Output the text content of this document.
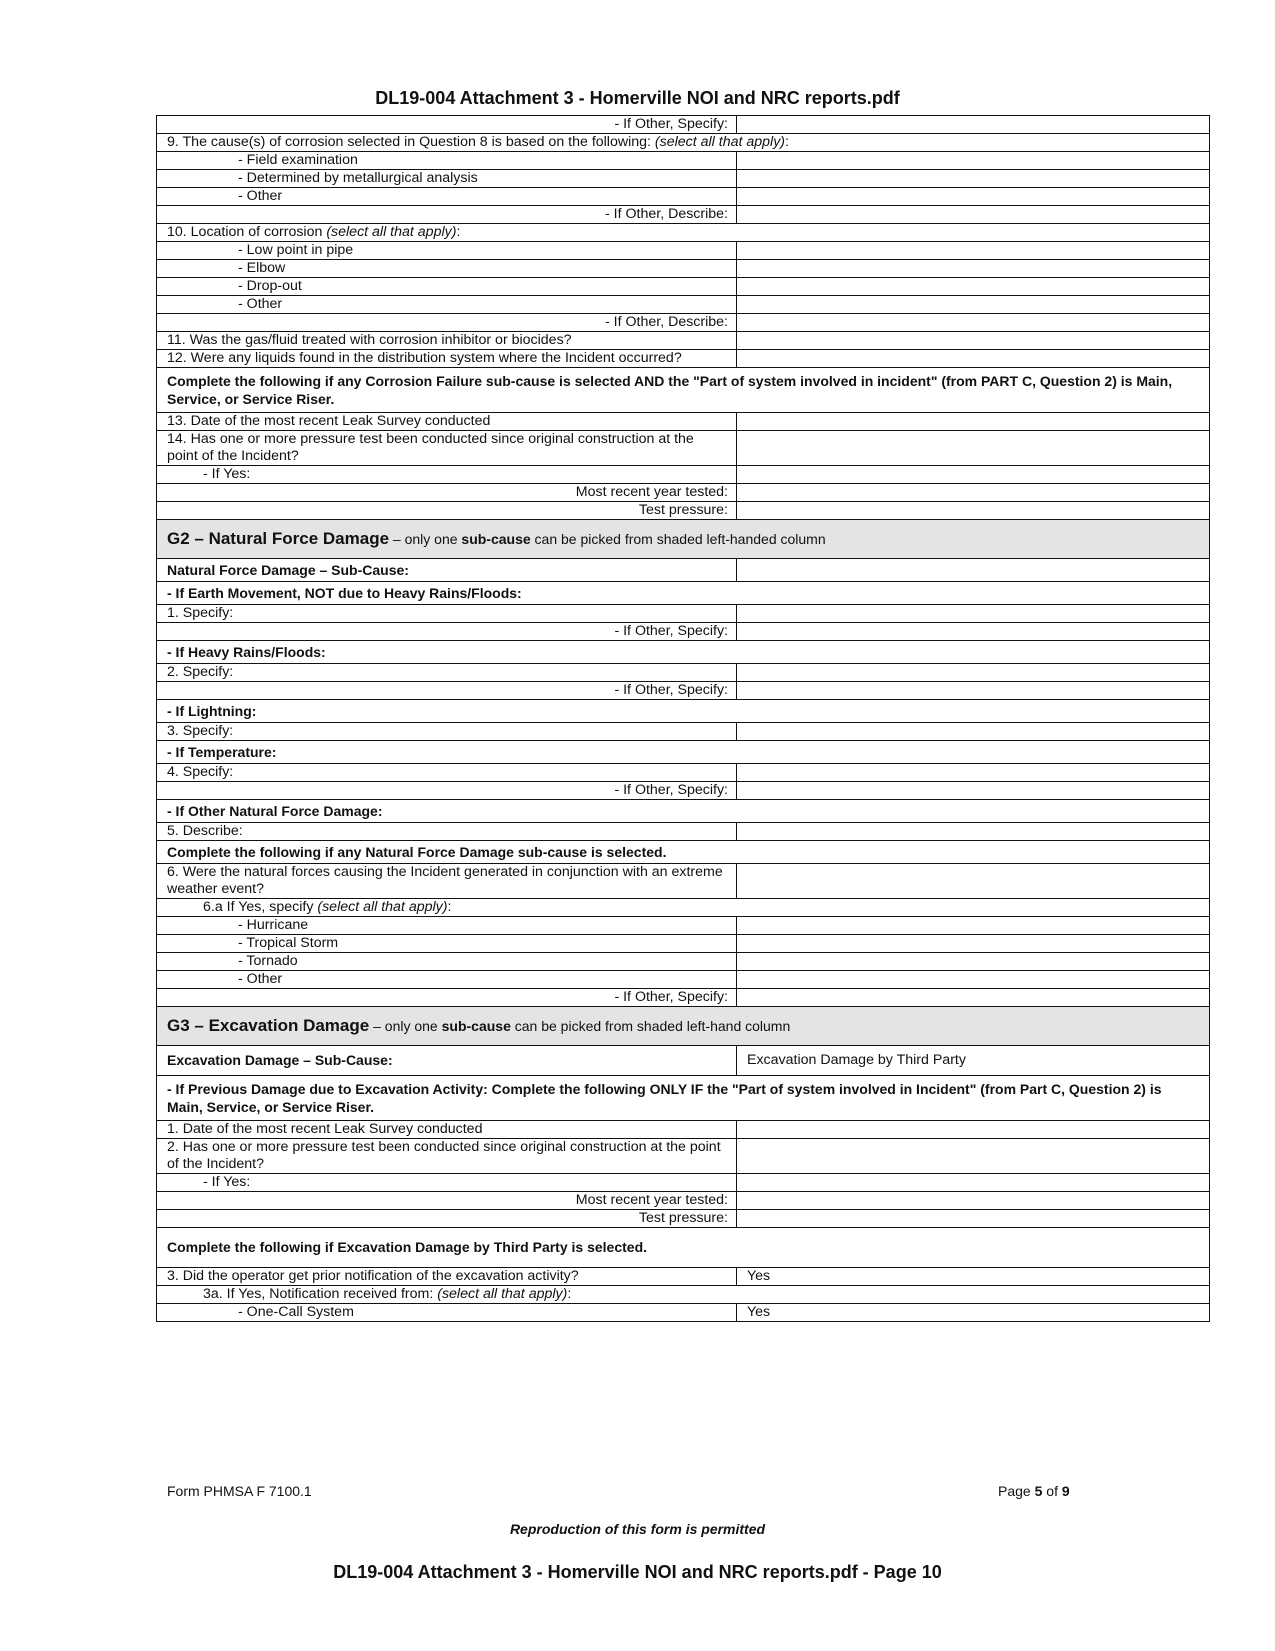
DL19-004 Attachment 3 - Homerville NOI and NRC reports.pdf
- If Other, Specify:	
9. The cause(s) of corrosion selected in Question 8 is based on the following: (select all that apply):	
- Field examination	
- Determined by metallurgical analysis	
- Other	
- If Other, Describe:	
10. Location of corrosion (select all that apply):	
- Low point in pipe	
- Elbow	
- Drop-out	
- Other	
- If Other, Describe:	
11. Was the gas/fluid treated with corrosion inhibitor or biocides?	
12. Were any liquids found in the distribution system where the Incident occurred?	
Complete the following if any Corrosion Failure sub-cause is selected AND the "Part of system involved in incident" (from PART C, Question 2) is Main, Service, or Service Riser.	
13. Date of the most recent Leak Survey conducted	
14. Has one or more pressure test been conducted since original construction at the point of the Incident?	
- If Yes:	
Most recent year tested:	
Test pressure:	
G2 – Natural Force Damage – only one sub-cause can be picked from shaded left-handed column	
Natural Force Damage – Sub-Cause:	
- If Earth Movement, NOT due to Heavy Rains/Floods:	
1. Specify:	
- If Other, Specify:	
- If Heavy Rains/Floods:	
2. Specify:	
- If Other, Specify:	
- If Lightning:	
3. Specify:	
- If Temperature:	
4. Specify:	
- If Other, Specify:	
- If Other Natural Force Damage:	
5. Describe:	
Complete the following if any Natural Force Damage sub-cause is selected.	
6. Were the natural forces causing the Incident generated in conjunction with an extreme weather event?	
6.a If Yes, specify (select all that apply):	
- Hurricane	
- Tropical Storm	
- Tornado	
- Other	
- If Other, Specify:	
G3 – Excavation Damage – only one sub-cause can be picked from shaded left-hand column	
Excavation Damage – Sub-Cause:	Excavation Damage by Third Party
- If Previous Damage due to Excavation Activity: Complete the following ONLY IF the "Part of system involved in Incident" (from Part C, Question 2) is Main, Service, or Service Riser.	
1. Date of the most recent Leak Survey conducted	
2. Has one or more pressure test been conducted since original construction at the point of the Incident?	
- If Yes:	
Most recent year tested:	
Test pressure:	
Complete the following if Excavation Damage by Third Party is selected.	
3. Did the operator get prior notification of the excavation activity?	Yes
3a. If Yes, Notification received from: (select all that apply):	
- One-Call System	Yes
Form PHMSA F 7100.1	Page 5 of 9
Reproduction of this form is permitted
DL19-004 Attachment 3 - Homerville NOI and NRC reports.pdf - Page 10
